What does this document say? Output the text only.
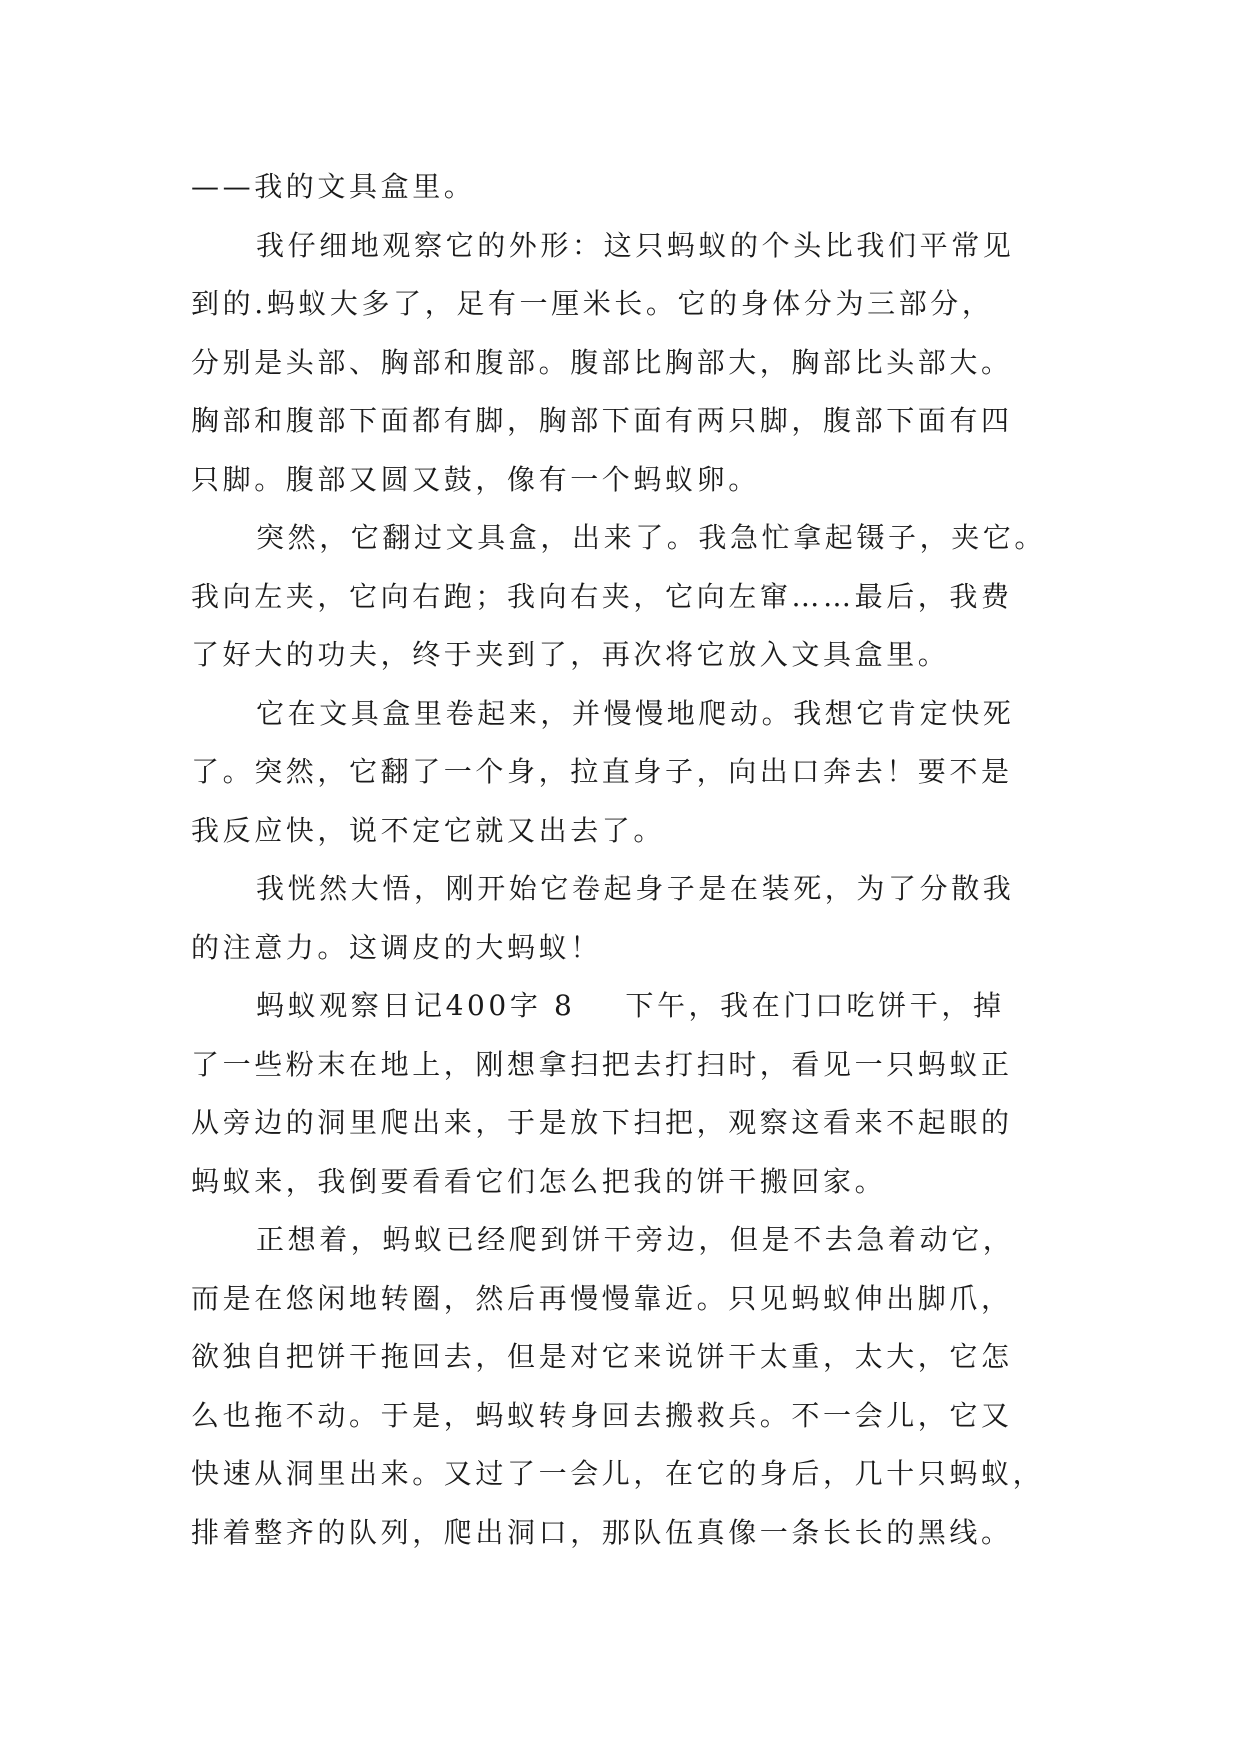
——我的文具盒里。
我仔细地观察它的外形：这只蚂蚁的个头比我们平常见
到的.蚂蚁大多了，足有一厘米长。它的身体分为三部分，
分别是头部、胸部和腹部。腹部比胸部大，胸部比头部大。
胸部和腹部下面都有脚，胸部下面有两只脚，腹部下面有四
只脚。腹部又圆又鼓，像有一个蚂蚁卵。
突然，它翻过文具盒，出来了。我急忙拿起镊子，夹它。
我向左夹，它向右跑；我向右夹，它向左窜……最后，我费
了好大的功夫，终于夹到了，再次将它放入文具盒里。
它在文具盒里卷起来，并慢慢地爬动。我想它肯定快死
了。突然，它翻了一个身，拉直身子，向出口奔去！要不是
我反应快，说不定它就又出去了。
我恍然大悟，刚开始它卷起身子是在装死，为了分散我
的注意力。这调皮的大蚂蚁！
蚂蚁观察日记400字 8    下午，我在门口吃饼干，掉
了一些粉末在地上，刚想拿扫把去打扫时，看见一只蚂蚁正
从旁边的洞里爬出来，于是放下扫把，观察这看来不起眼的
蚂蚁来，我倒要看看它们怎么把我的饼干搬回家。
正想着，蚂蚁已经爬到饼干旁边，但是不去急着动它，
而是在悠闲地转圈，然后再慢慢靠近。只见蚂蚁伸出脚爪，
欲独自把饼干拖回去，但是对它来说饼干太重，太大，它怎
么也拖不动。于是，蚂蚁转身回去搬救兵。不一会儿，它又
快速从洞里出来。又过了一会儿，在它的身后，几十只蚂蚁，
排着整齐的队列，爬出洞口，那队伍真像一条长长的黑线。
